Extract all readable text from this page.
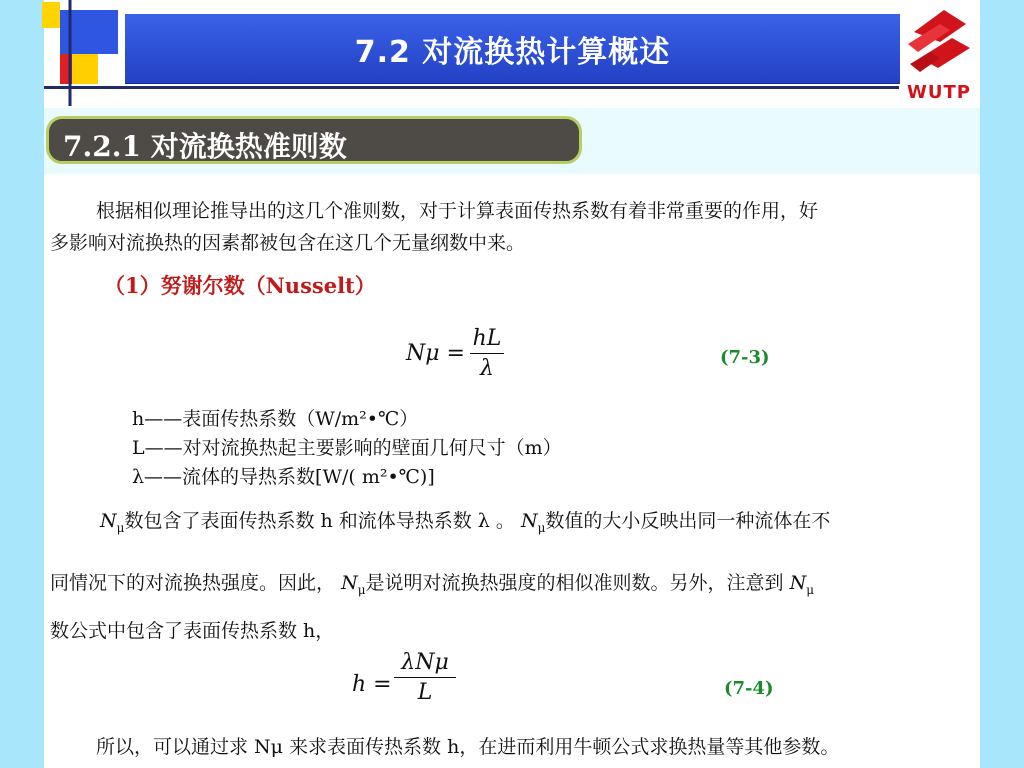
7.2 对流换热计算概述
WUTP
7.2.1 对流换热准则数
根据相似理论推导出的这几个准则数，对于计算表面传热系数有着非常重要的作用，好
多影响对流换热的因素都被包含在这几个无量纲数中来。
（1）努谢尔数（Nusselt）
Nμ =
hL
λ	(7-3)
h——表面传热系数（W/m²•℃）
L——对对流换热起主要影响的壁面几何尺寸（m）
λ——流体的导热系数[W/( m²•℃)]
$N_\mu$数包含了表面传热系数 h 和流体导热系数 λ 。 $N_\mu$数值的大小反映出同一种流体在不
同情况下的对流换热强度。因此， $N_\mu$是说明对流换热强度的相似准则数。另外，注意到 $N_\mu$
数公式中包含了表面传热系数 h，
h =
λNμ
L	(7-4)
所以，可以通过求 Nμ 来求表面传热系数 h，在进而利用牛顿公式求换热量等其他参数。
